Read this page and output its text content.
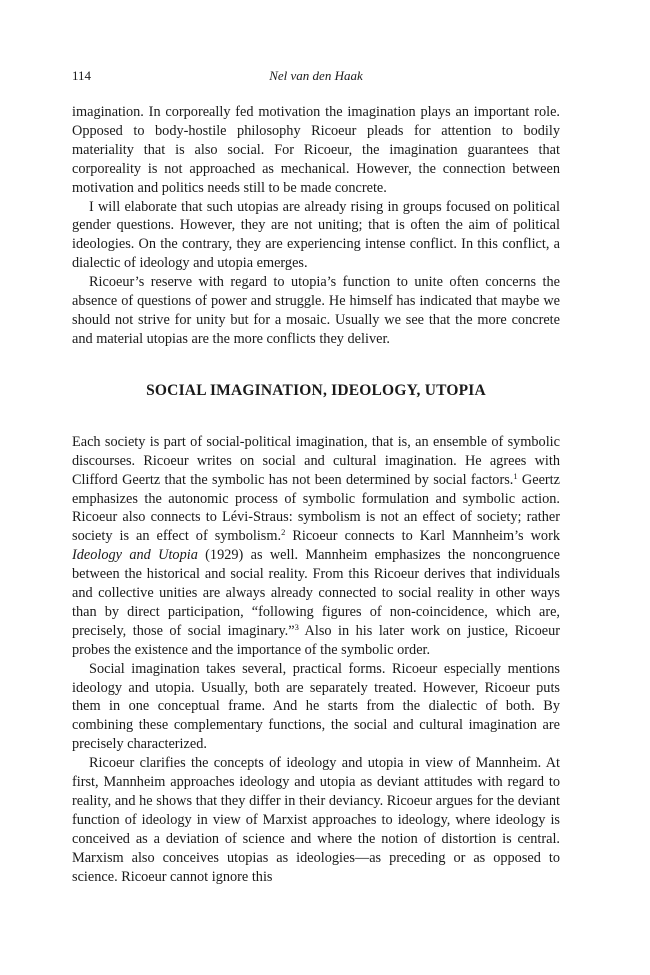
114	Nel van den Haak

imagination. In corporeally fed motivation the imagination plays an important role. Opposed to body-hostile philosophy Ricoeur pleads for attention to bodily materiality that is also social. For Ricoeur, the imagination guarantees that corporeality is not approached as mechanical. However, the connection between motivation and politics needs still to be made concrete.

I will elaborate that such utopias are already rising in groups focused on political gender questions. However, they are not uniting; that is often the aim of political ideologies. On the contrary, they are experiencing intense conflict. In this conflict, a dialectic of ideology and utopia emerges.

Ricoeur’s reserve with regard to utopia’s function to unite often concerns the absence of questions of power and struggle. He himself has indicated that maybe we should not strive for unity but for a mosaic. Usually we see that the more concrete and material utopias are the more conflicts they deliver.

SOCIAL IMAGINATION, IDEOLOGY, UTOPIA

Each society is part of social-political imagination, that is, an ensemble of symbolic discourses. Ricoeur writes on social and cultural imagination. He agrees with Clifford Geertz that the symbolic has not been determined by social factors.$^1$ Geertz emphasizes the autonomic process of symbolic formulation and symbolic action. Ricoeur also connects to Lévi-Straus: symbolism is not an effect of society; rather society is an effect of symbolism.$^2$ Ricoeur connects to Karl Mannheim’s work Ideology and Utopia (1929) as well. Mannheim emphasizes the noncongruence between the historical and social reality. From this Ricoeur derives that individuals and collective unities are always already connected to social reality in other ways than by direct participation, “following figures of non-coincidence, which are, precisely, those of social imaginary.”$^3$ Also in his later work on justice, Ricoeur probes the existence and the importance of the symbolic order.

Social imagination takes several, practical forms. Ricoeur especially mentions ideology and utopia. Usually, both are separately treated. However, Ricoeur puts them in one conceptual frame. And he starts from the dialectic of both. By combining these complementary functions, the social and cultural imagination are precisely characterized.

Ricoeur clarifies the concepts of ideology and utopia in view of Mannheim. At first, Mannheim approaches ideology and utopia as deviant attitudes with regard to reality, and he shows that they differ in their deviancy. Ricoeur argues for the deviant function of ideology in view of Marxist approaches to ideology, where ideology is conceived as a deviation of science and where the notion of distortion is central. Marxism also conceives utopias as ideologies—as preceding or as opposed to science. Ricoeur cannot ignore this
